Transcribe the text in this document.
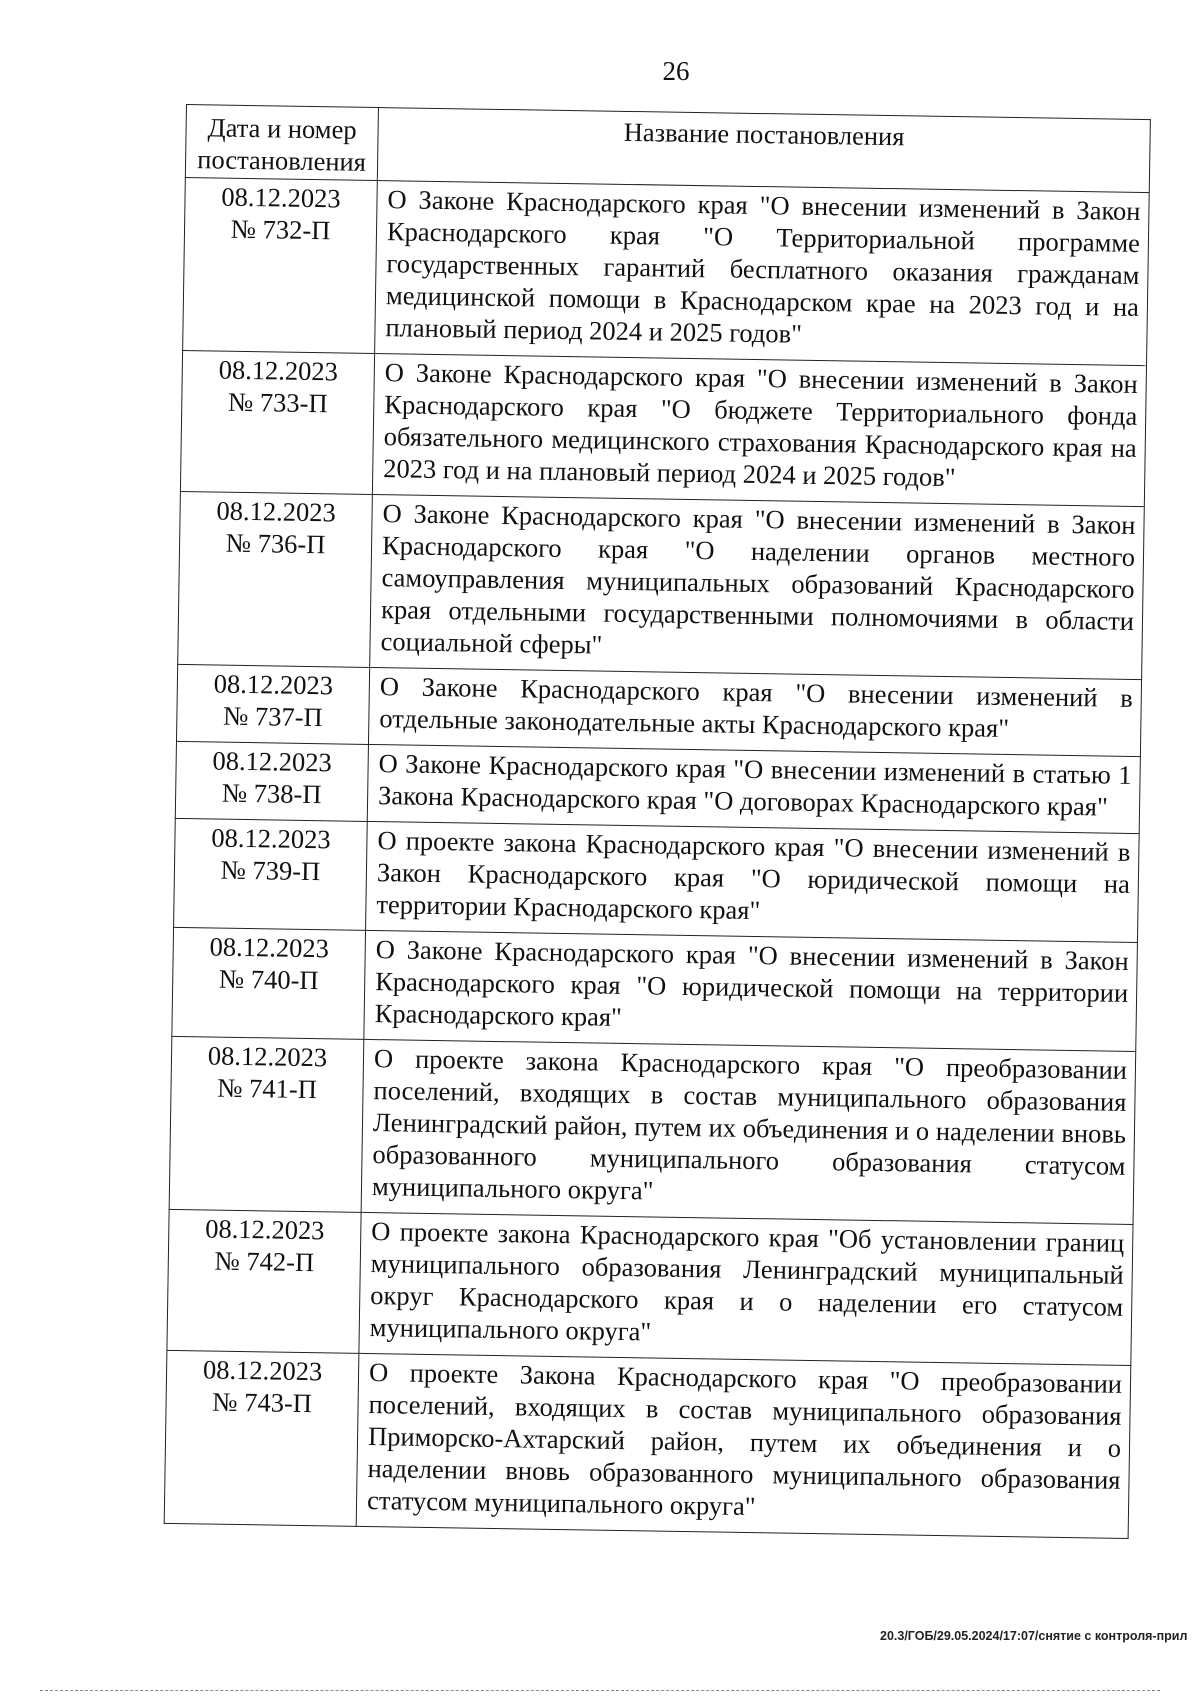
26
Дата и номер постановления	Название постановления

08.12.2023
№ 732-П	О Законе Краснодарского края "О внесении изменений в Закон Краснодарского края "О Территориальной программе государственных гарантий бесплатного оказания гражданам медицинской помощи в Краснодарском крае на 2023 год и на плановый период 2024 и 2025 годов"

08.12.2023
№ 733-П	О Законе Краснодарского края "О внесении изменений в Закон Краснодарского края "О бюджете Территориального фонда обязательного медицинского страхования Краснодарского края на 2023 год и на плановый период 2024 и 2025 годов"

08.12.2023
№ 736-П	О Законе Краснодарского края "О внесении изменений в Закон Краснодарского края "О наделении органов местного самоуправления муниципальных образований Краснодарского края отдельными государственными полномочиями в области социальной сферы"

08.12.2023
№ 737-П	О Законе Краснодарского края "О внесении изменений в отдельные законодательные акты Краснодарского края"

08.12.2023
№ 738-П	О Законе Краснодарского края "О внесении изменений в статью 1 Закона Краснодарского края "О договорах Краснодарского края"

08.12.2023
№ 739-П	О проекте закона Краснодарского края "О внесении изменений в Закон Краснодарского края "О юридической помощи на территории Краснодарского края"

08.12.2023
№ 740-П	О Законе Краснодарского края "О внесении изменений в Закон Краснодарского края "О юридической помощи на территории Краснодарского края"

08.12.2023
№ 741-П	О проекте закона Краснодарского края "О преобразовании поселений, входящих в состав муниципального образования Ленинградский район, путем их объединения и о наделении вновь образованного муниципального образования статусом муниципального округа"

08.12.2023
№ 742-П	О проекте закона Краснодарского края "Об установлении границ муниципального образования Ленинградский муниципальный округ Краснодарского края и о наделении его статусом муниципального округа"

08.12.2023
№ 743-П	О проекте Закона Краснодарского края "О преобразовании поселений, входящих в состав муниципального образования Приморско-Ахтарский район, путем их объединения и о наделении вновь образованного муниципального образования статусом муниципального округа"
20.3/ГОБ/29.05.2024/17:07/снятие с контроля-прил
